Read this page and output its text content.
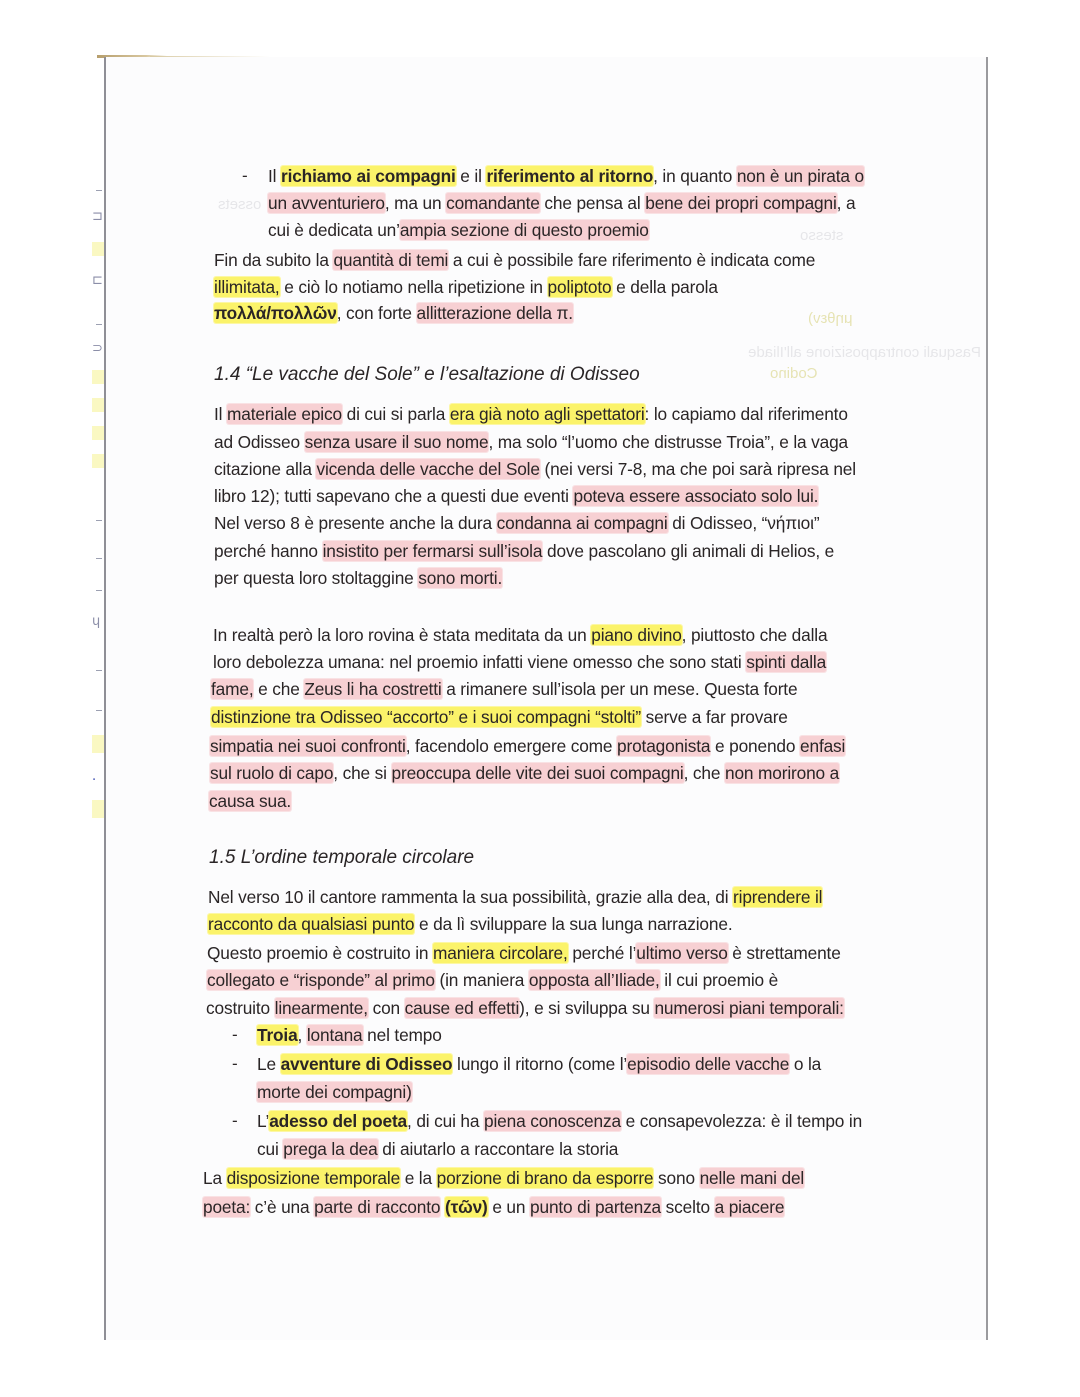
⊐

⊏
⊃

ɥ

·

ossets
stesso
μηθεν)
Pasquali contrapposizione all'Iliade
Codino
- Il richiamo ai compagni e il riferimento al ritorno, in quanto non è un pirata o
un avventuriero, ma un comandante che pensa al bene dei propri compagni, a
cui è dedicata un’ampia sezione di questo proemio
Fin da subito la quantità di temi a cui è possibile fare riferimento è indicata come
illimitata, e ciò lo notiamo nella ripetizione in poliptoto e della parola
πολλά/πολλῶν, con forte allitterazione della π.
1.4 “Le vacche del Sole” e l’esaltazione di Odisseo
Il materiale epico di cui si parla era già noto agli spettatori: lo capiamo dal riferimento
ad Odisseo senza usare il suo nome, ma solo “l’uomo che distrusse Troia”, e la vaga
citazione alla vicenda delle vacche del Sole (nei versi 7-8, ma che poi sarà ripresa nel
libro 12); tutti sapevano che a questi due eventi poteva essere associato solo lui.
Nel verso 8 è presente anche la dura condanna ai compagni di Odisseo, “νήπιοι”
perché hanno insistito per fermarsi sull’isola dove pascolano gli animali di Helios, e
per questa loro stoltaggine sono morti.
In realtà però la loro rovina è stata meditata da un piano divino, piuttosto che dalla
loro debolezza umana: nel proemio infatti viene omesso che sono stati spinti dalla
fame, e che Zeus li ha costretti a rimanere sull’isola per un mese. Questa forte
distinzione tra Odisseo “accorto” e i suoi compagni “stolti” serve a far provare
simpatia nei suoi confronti, facendolo emergere come protagonista e ponendo enfasi
sul ruolo di capo, che si preoccupa delle vite dei suoi compagni, che non morirono a
causa sua.
1.5 L’ordine temporale circolare
Nel verso 10 il cantore rammenta la sua possibilità, grazie alla dea, di riprendere il
racconto da qualsiasi punto e da lì sviluppare la sua lunga narrazione.
Questo proemio è costruito in maniera circolare, perché l’ultimo verso è strettamente
collegato e “risponde” al primo (in maniera opposta all’Iliade, il cui proemio è
costruito linearmente, con cause ed effetti), e si sviluppa su numerosi piani temporali:
- Troia, lontana nel tempo
- Le avventure di Odisseo lungo il ritorno (come l’episodio delle vacche o la
morte dei compagni)
- L’adesso del poeta, di cui ha piena conoscenza e consapevolezza: è il tempo in
cui prega la dea di aiutarlo a raccontare la storia
La disposizione temporale e la porzione di brano da esporre sono nelle mani del
poeta: c’è una parte di racconto (τῶν) e un punto di partenza scelto a piacere
